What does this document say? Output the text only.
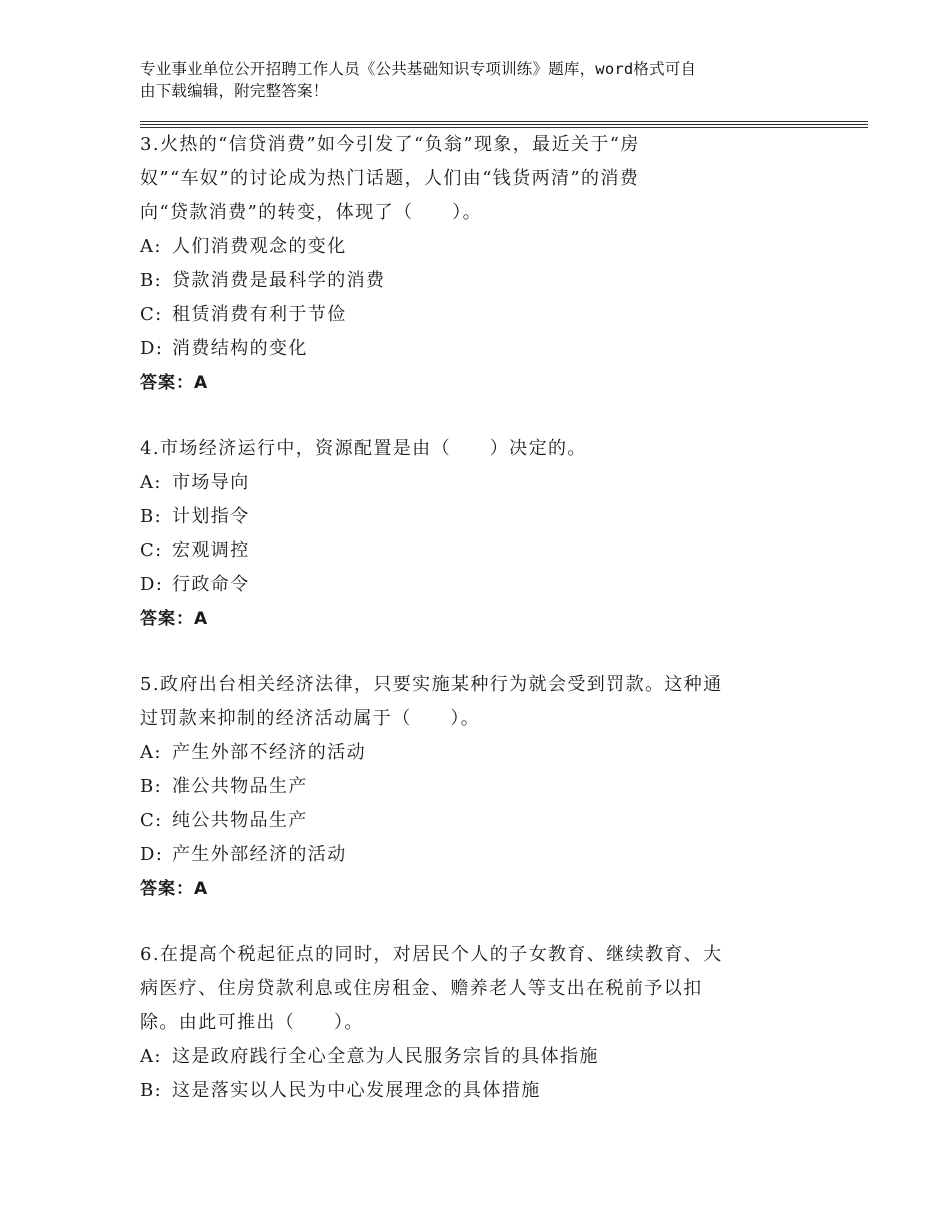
专业事业单位公开招聘工作人员《公共基础知识专项训练》题库，word格式可自
由下载编辑，附完整答案！
3.火热的“信贷消费”如今引发了“负翁”现象，最近关于“房
奴”“车奴”的讨论成为热门话题，人们由“钱货两清”的消费
向“贷款消费”的转变，体现了（　　）。
A: 人们消费观念的变化
B: 贷款消费是最科学的消费
C: 租赁消费有利于节俭
D: 消费结构的变化
答案：A
4.市场经济运行中，资源配置是由（　　）决定的。
A: 市场导向
B: 计划指令
C: 宏观调控
D: 行政命令
答案：A
5.政府出台相关经济法律，只要实施某种行为就会受到罚款。这种通
过罚款来抑制的经济活动属于（　　）。
A: 产生外部不经济的活动
B: 准公共物品生产
C: 纯公共物品生产
D: 产生外部经济的活动
答案：A
6.在提高个税起征点的同时，对居民个人的子女教育、继续教育、大
病医疗、住房贷款利息或住房租金、赡养老人等支出在税前予以扣
除。由此可推出（　　）。
A: 这是政府践行全心全意为人民服务宗旨的具体指施
B: 这是落实以人民为中心发展理念的具体措施
